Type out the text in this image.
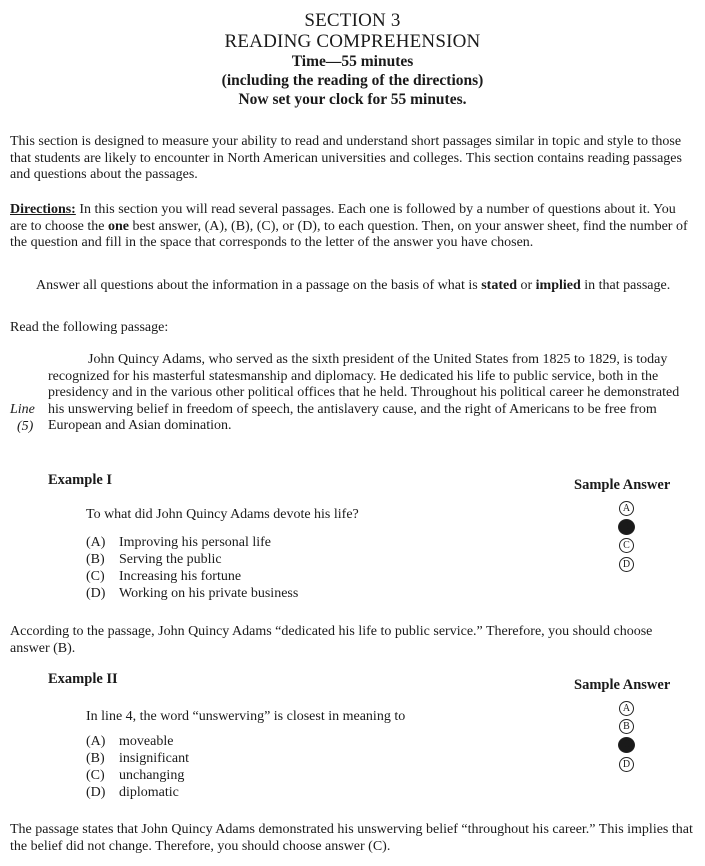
SECTION 3
READING COMPREHENSION
Time—55 minutes
(including the reading of the directions)
Now set your clock for 55 minutes.
This section is designed to measure your ability to read and understand short passages similar in topic and style to those that students are likely to encounter in North American universities and colleges. This section contains reading passages and questions about the passages.
Directions: In this section you will read several passages. Each one is followed by a number of questions about it. You are to choose the one best answer, (A), (B), (C), or (D), to each question. Then, on your answer sheet, find the number of the question and fill in the space that corresponds to the letter of the answer you have chosen.
Answer all questions about the information in a passage on the basis of what is stated or implied in that passage.
Read the following passage:
John Quincy Adams, who served as the sixth president of the United States from 1825 to 1829, is today recognized for his masterful statesmanship and diplomacy. He dedicated his life to public service, both in the presidency and in the various other political offices that he held. Throughout his political career he demonstrated his unswerving belief in freedom of speech, the antislavery cause, and the right of Americans to be free from European and Asian domination.
Line
(5)
Example I	Sample Answer
To what did John Quincy Adams devote his life?
(A) Improving his personal life
(B)	Serving the public
(C)	Increasing his fortune
(D) Working on his private business
A
B
C
D
According to the passage, John Quincy Adams “dedicated his life to public service.” Therefore, you should choose answer (B).
Example II	Sample Answer
In line 4, the word “unswerving” is closest in meaning to
(A) moveable
(B)	insignificant
(C)	unchanging
(D) diplomatic
A
B
C
D
The passage states that John Quincy Adams demonstrated his unswerving belief “throughout his career.” This implies that the belief did not change. Therefore, you should choose answer (C).
